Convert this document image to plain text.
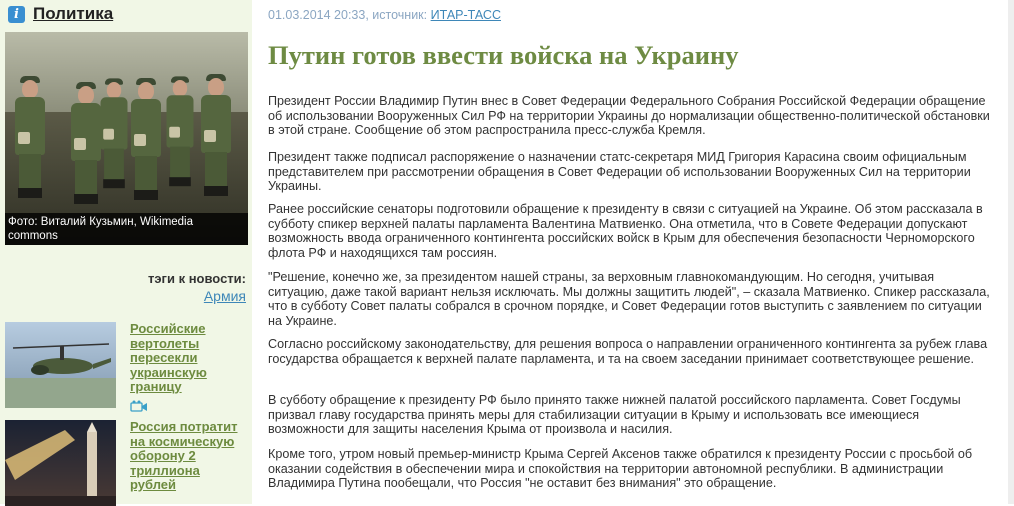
i Политика
Фото: Виталий Кузьмин, Wikimedia commons
тэги к новости:
Армия
Российские вертолеты пересекли украинскую границу
Россия потратит на космическую оборону 2 триллиона рублей
01.03.2014 20:33, источник: ИТАР-ТАСС
Путин готов ввести войска на Украину

Президент России Владимир Путин внес в Совет Федерации Федерального Собрания Российской Федерации обращение об использовании Вооруженных Сил РФ на территории Украины до нормализации общественно-политической обстановки в этой стране. Сообщение об этом распространила пресс-служба Кремля.

Президент также подписал распоряжение о назначении статс-секретаря МИД Григория Карасина своим официальным представителем при рассмотрении обращения в Совет Федерации об использовании Вооруженных Сил на территории Украины.

Ранее российские сенаторы подготовили обращение к президенту в связи с ситуацией на Украине. Об этом рассказала в субботу спикер верхней палаты парламента Валентина Матвиенко. Она отметила, что в Совете Федерации допускают возможность ввода ограниченного контингента российских войск в Крым для обеспечения безопасности Черноморского флота РФ и находящихся там россиян.

"Решение, конечно же, за президентом нашей страны, за верховным главнокомандующим. Но сегодня, учитывая ситуацию, даже такой вариант нельзя исключать. Мы должны защитить людей", – сказала Матвиенко. Спикер рассказала, что в субботу Совет палаты собрался в срочном порядке, и Совет Федерации готов выступить с заявлением по ситуации на Украине.

Согласно российскому законодательству, для решения вопроса о направлении ограниченного контингента за рубеж глава государства обращается к верхней палате парламента, и та на своем заседании принимает соответствующее решение.

В субботу обращение к президенту РФ было принято также нижней палатой российского парламента. Совет Госдумы призвал главу государства принять меры для стабилизации ситуации в Крыму и использовать все имеющиеся возможности для защиты населения Крыма от произвола и насилия.

Кроме того, утром новый премьер-министр Крыма Сергей Аксенов также обратился к президенту России с просьбой об оказании содействия в обеспечении мира и спокойствия на территории автономной республики. В администрации Владимира Путина пообещали, что Россия "не оставит без внимания" это обращение.
